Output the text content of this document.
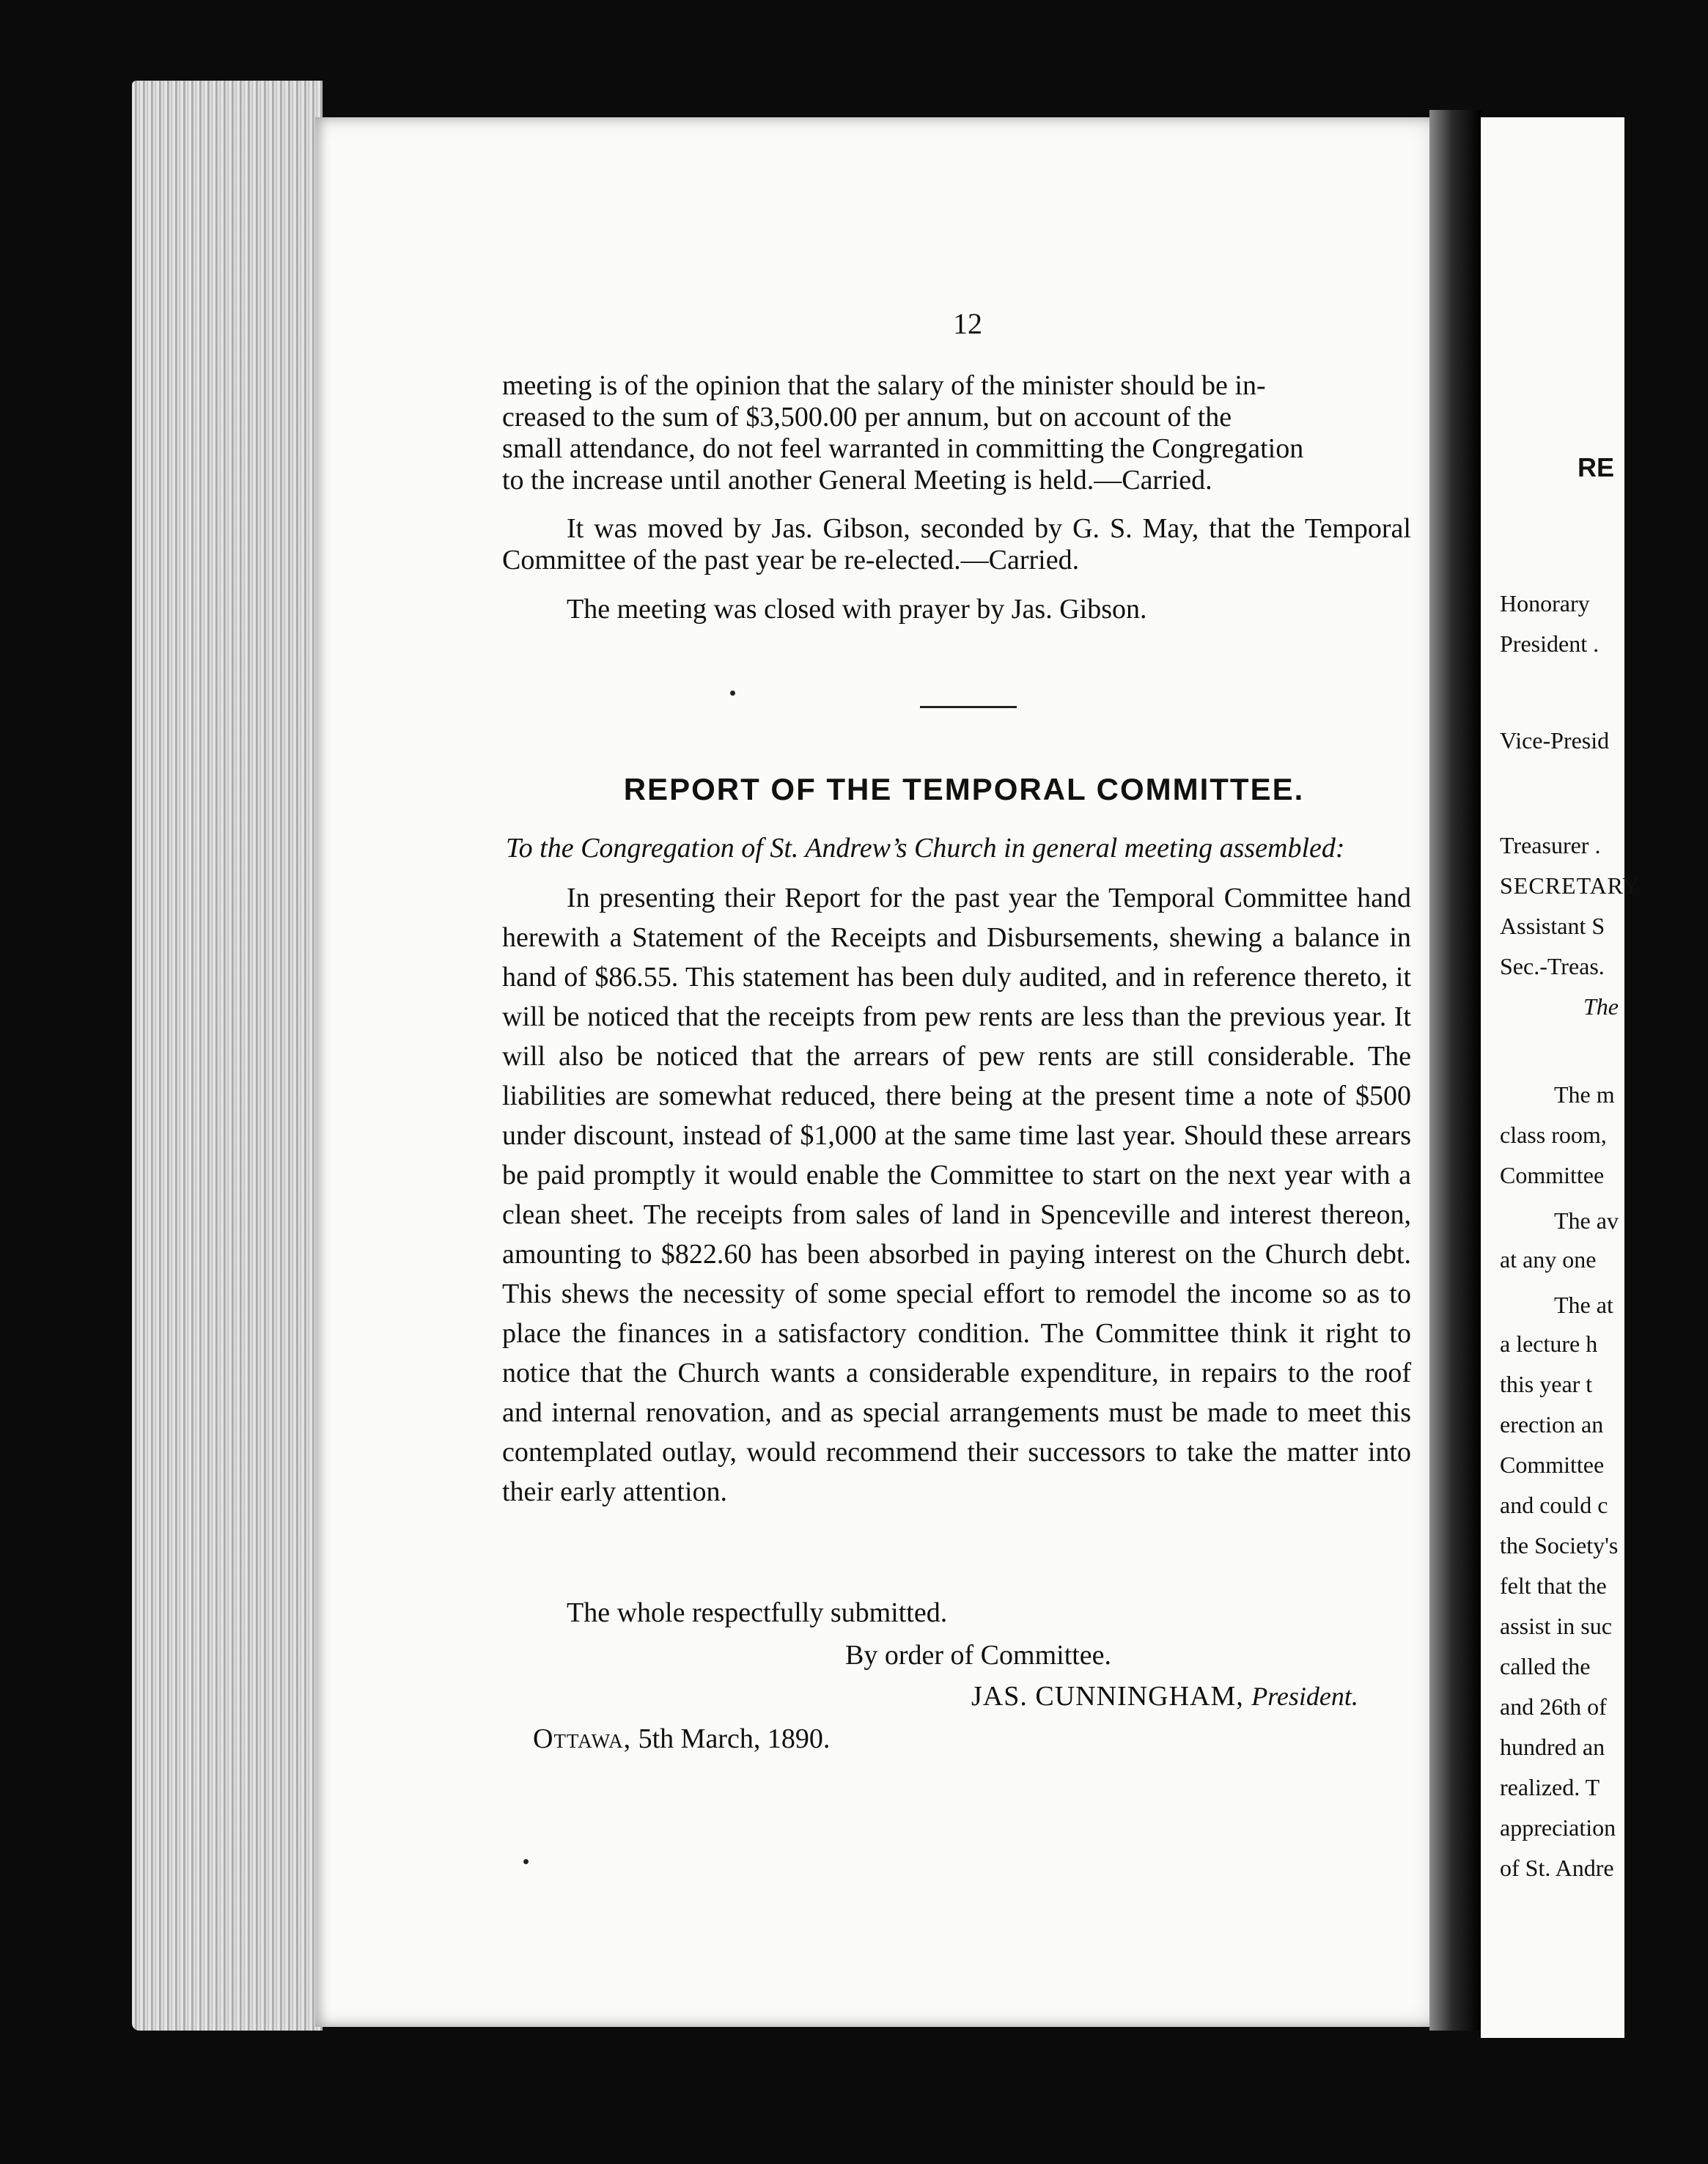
12
meeting is of the opinion that the salary of the minister should be in-
creased to the sum of $3,500.00 per annum, but on account of the
small attendance, do not feel warranted in committing the Congregation
to the increase until another General Meeting is held.—Carried.

It was moved by Jas. Gibson, seconded by G. S. May, that the Temporal Committee of the past year be re-elected.—Carried.

The meeting was closed with prayer by Jas. Gibson.

REPORT OF THE TEMPORAL COMMITTEE.
To the Congregation of St. Andrew’s Church in general meeting assembled:

In presenting their Report for the past year the Temporal Committee hand herewith a Statement of the Receipts and Disbursements, shewing a balance in hand of $86.55. This statement has been duly audited, and in reference thereto, it will be noticed that the receipts from pew rents are less than the previous year. It will also be noticed that the arrears of pew rents are still considerable. The liabilities are somewhat reduced, there being at the present time a note of $500 under discount, instead of $1,000 at the same time last year. Should these arrears be paid promptly it would enable the Committee to start on the next year with a clean sheet. The receipts from sales of land in Spenceville and interest thereon, amounting to $822.60 has been absorbed in paying interest on the Church debt. This shews the necessity of some special effort to remodel the income so as to place the finances in a satisfactory condition. The Committee think it right to notice that the Church wants a considerable expenditure, in repairs to the roof and internal renovation, and as special arrangements must be made to meet this contemplated outlay, would recommend their successors to take the matter into their early attention.

The whole respectfully submitted.
By order of Committee.
JAS. CUNNINGHAM, President.
Ottawa, 5th March, 1890.
RE
Honorary
President .
Vice-Presid
Treasurer .
SECRETARY
Assistant S
Sec.-Treas.
The
The m
class room,
Committee
The av
at any one
The at
a lecture h
this year t
erection an
Committee
and could c
the Society's
felt that the
assist in suc
called the
and 26th of
hundred an
realized. T
appreciation
of St. Andre
